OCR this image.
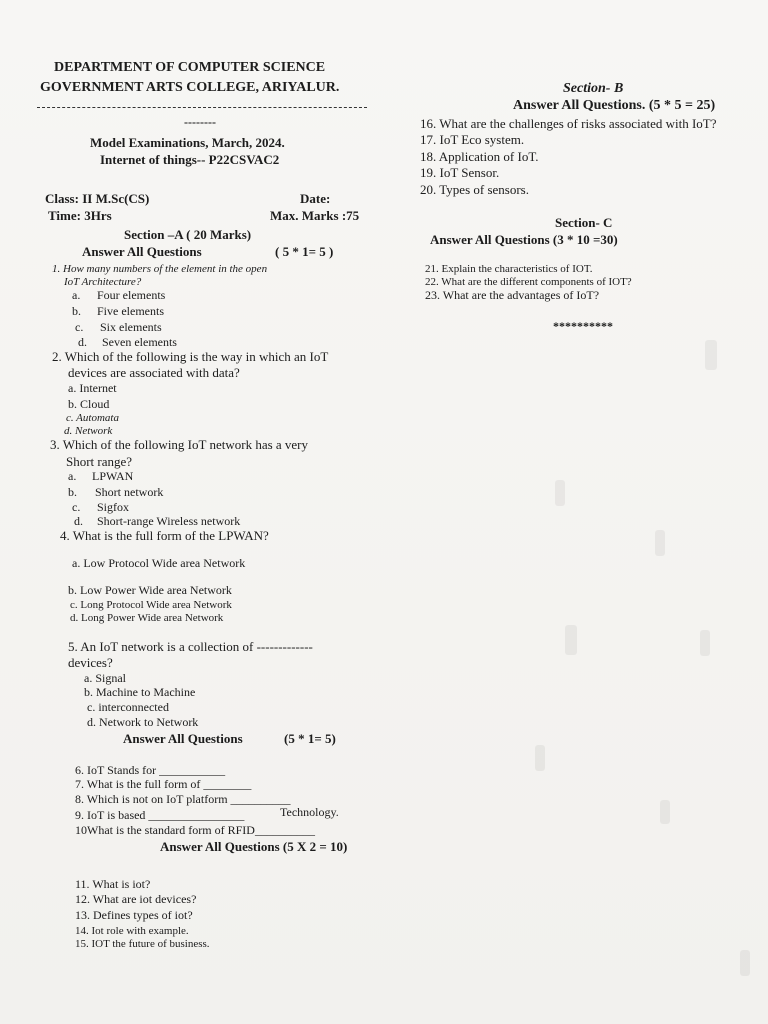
DEPARTMENT OF COMPUTER SCIENCE
GOVERNMENT ARTS COLLEGE, ARIYALUR.
--------
Model Examinations, March, 2024.
Internet of things-- P22CSVAC2
Class: II M.Sc(CS)	Date:
Time: 3Hrs	Max. Marks :75
Section –A ( 20 Marks)
Answer All Questions	( 5 * 1= 5 )
1. How many numbers of the element in the open
IoT Architecture?
a. Four elements
b. Five elements
c. Six elements
d. Seven elements
2. Which of the following is the way in which an IoT
devices are associated with data?
a. Internet
b. Cloud
c. Automata
d. Network
3. Which of the following IoT network has a very
Short range?
a. LPWAN
b. Short network
c. Sigfox
d. Short-range Wireless network
4. What is the full form of the LPWAN?
a. Low Protocol Wide area Network
b. Low Power Wide area Network
c. Long Protocol Wide area Network
d. Long Power Wide area Network
5. An IoT network is a collection of -------------
devices?
a. Signal
b. Machine to Machine
c. interconnected
d. Network to Network
Answer All Questions	(5 * 1= 5)
6. IoT Stands for ___________
7. What is the full form of ________
8. Which is not on IoT platform __________
9. IoT is based ________________	Technology.
10What is the standard form of RFID__________
Answer All Questions (5 X 2 = 10)
11. What is iot?
12. What are iot devices?
13. Defines types of iot?
14. Iot role with example.
15. IOT the future of business.
Section- B
Answer All Questions. (5 * 5 = 25)
16. What are the challenges of risks associated with IoT?
17. IoT Eco system.
18. Application of IoT.
19. IoT Sensor.
20. Types of sensors.
Section- C
Answer All Questions (3 * 10 =30)
21. Explain the characteristics of IOT.
22. What are the different components of IOT?
23. What are the advantages of IoT?
**********
